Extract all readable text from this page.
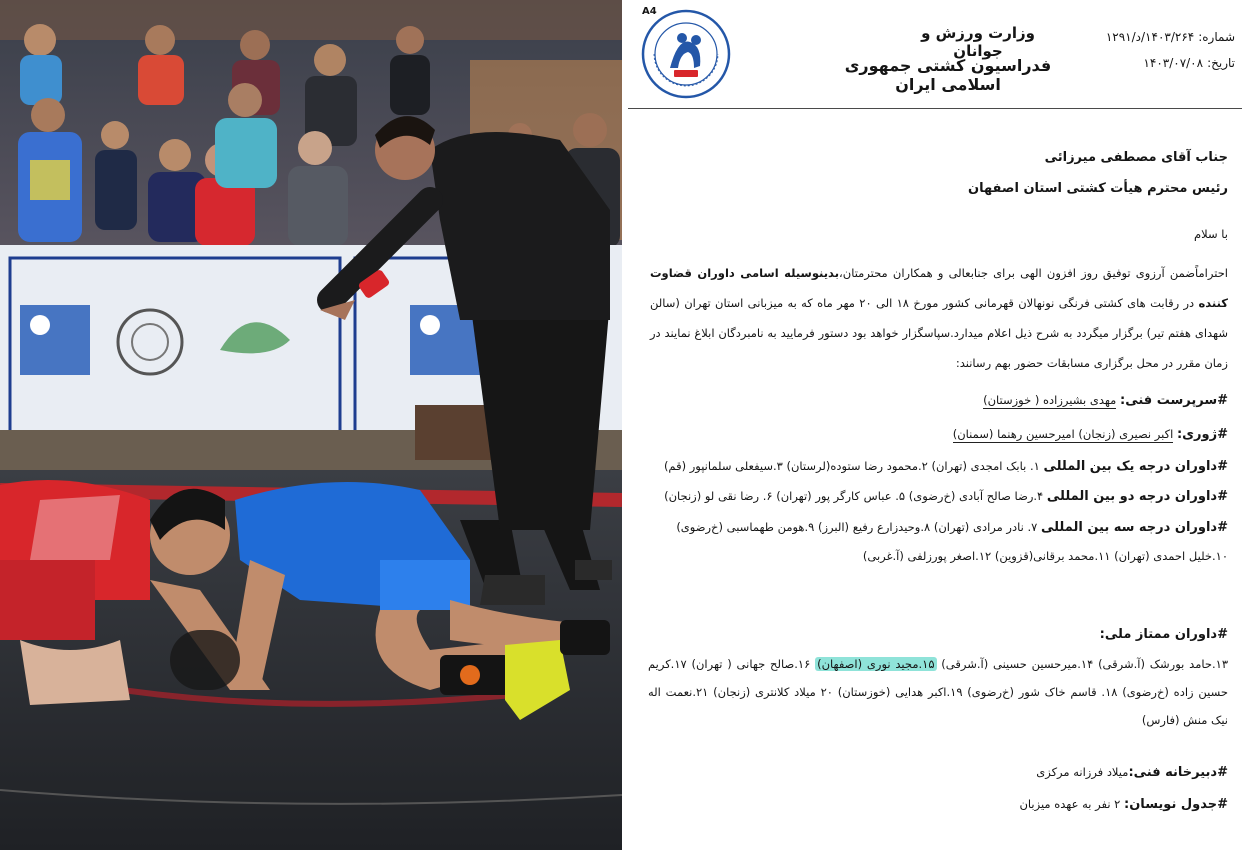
A4
وزارت ورزش و جوانان
فدراسیون کشتی جمهوری اسلامی ایران
شماره:۱۴۰۳/۲۶۴/د/۱۲۹۱
تاریخ:۱۴۰۳/۰۷/۰۸
جناب آقای مصطفی میرزائی
رئیس محترم هیأت کشتی استان اصفهان
با سلام
احتراماً‌ضمن آرزوی توفیق روز افزون الهی برای جنابعالی و همکاران محترمتان،بدینوسیله اسامی داوران قضاوت کننده در رقابت های کشتی فرنگی نونهالان قهرمانی کشور مورخ ۱۸ الی ۲۰ مهر ماه که به میزبانی استان تهران (سالن شهدای هفتم تیر) برگزار میگردد به شرح ذیل اعلام میدارد.سپاسگزار خواهد بود دستور فرمایید به نامبردگان ابلاغ نمایند در زمان مقرر در محل برگزاری مسابقات حضور بهم رسانند:
#سرپرست فنی: مهدی بشیرزاده ( خوزستان)
#ژوری: اکبر نصیری (زنجان) امیرحسین رهنما (سمنان)
#داوران درجه یک بین المللی ۱. بابک امجدی (تهران) ۲.محمود رضا ستوده(لرستان) ۳.سیفعلی سلمانپور (قم)
#داوران درجه دو بین المللی ۴.رضا صالح آبادی (خ‌رضوی) ۵. عباس کارگر پور (تهران) ۶. رضا نقی لو (زنجان)
#داوران درجه سه بین المللی ۷. نادر مرادی (تهران) ۸.وحیدزارع رفیع (البرز) ۹.هومن طهماسبی (خ‌رضوی) ۱۰.خلیل احمدی (تهران) ۱۱.محمد برقانی(قزوین) ۱۲.اصغر پورزلفی (آ.غربی)
#داوران ممتاز ملی:
۱۳.حامد بورشک (آ.شرقی) ۱۴.میرحسین حسینی (آ.شرقی) ۱۵.مجید نوری (اصفهان) ۱۶.صالح جهانی ( تهران) ۱۷.کریم حسین زاده (خ‌رضوی) ۱۸. قاسم خاک شور (خ‌رضوی) ۱۹.اکبر هدایی (خوزستان) ۲۰ میلاد کلانتری (زنجان) ۲۱.نعمت اله نیک منش (فارس)
#دبیرخانه فنی:میلاد فرزانه مرکزی
#جدول نویسان: ۲ نفر به عهده میزبان
